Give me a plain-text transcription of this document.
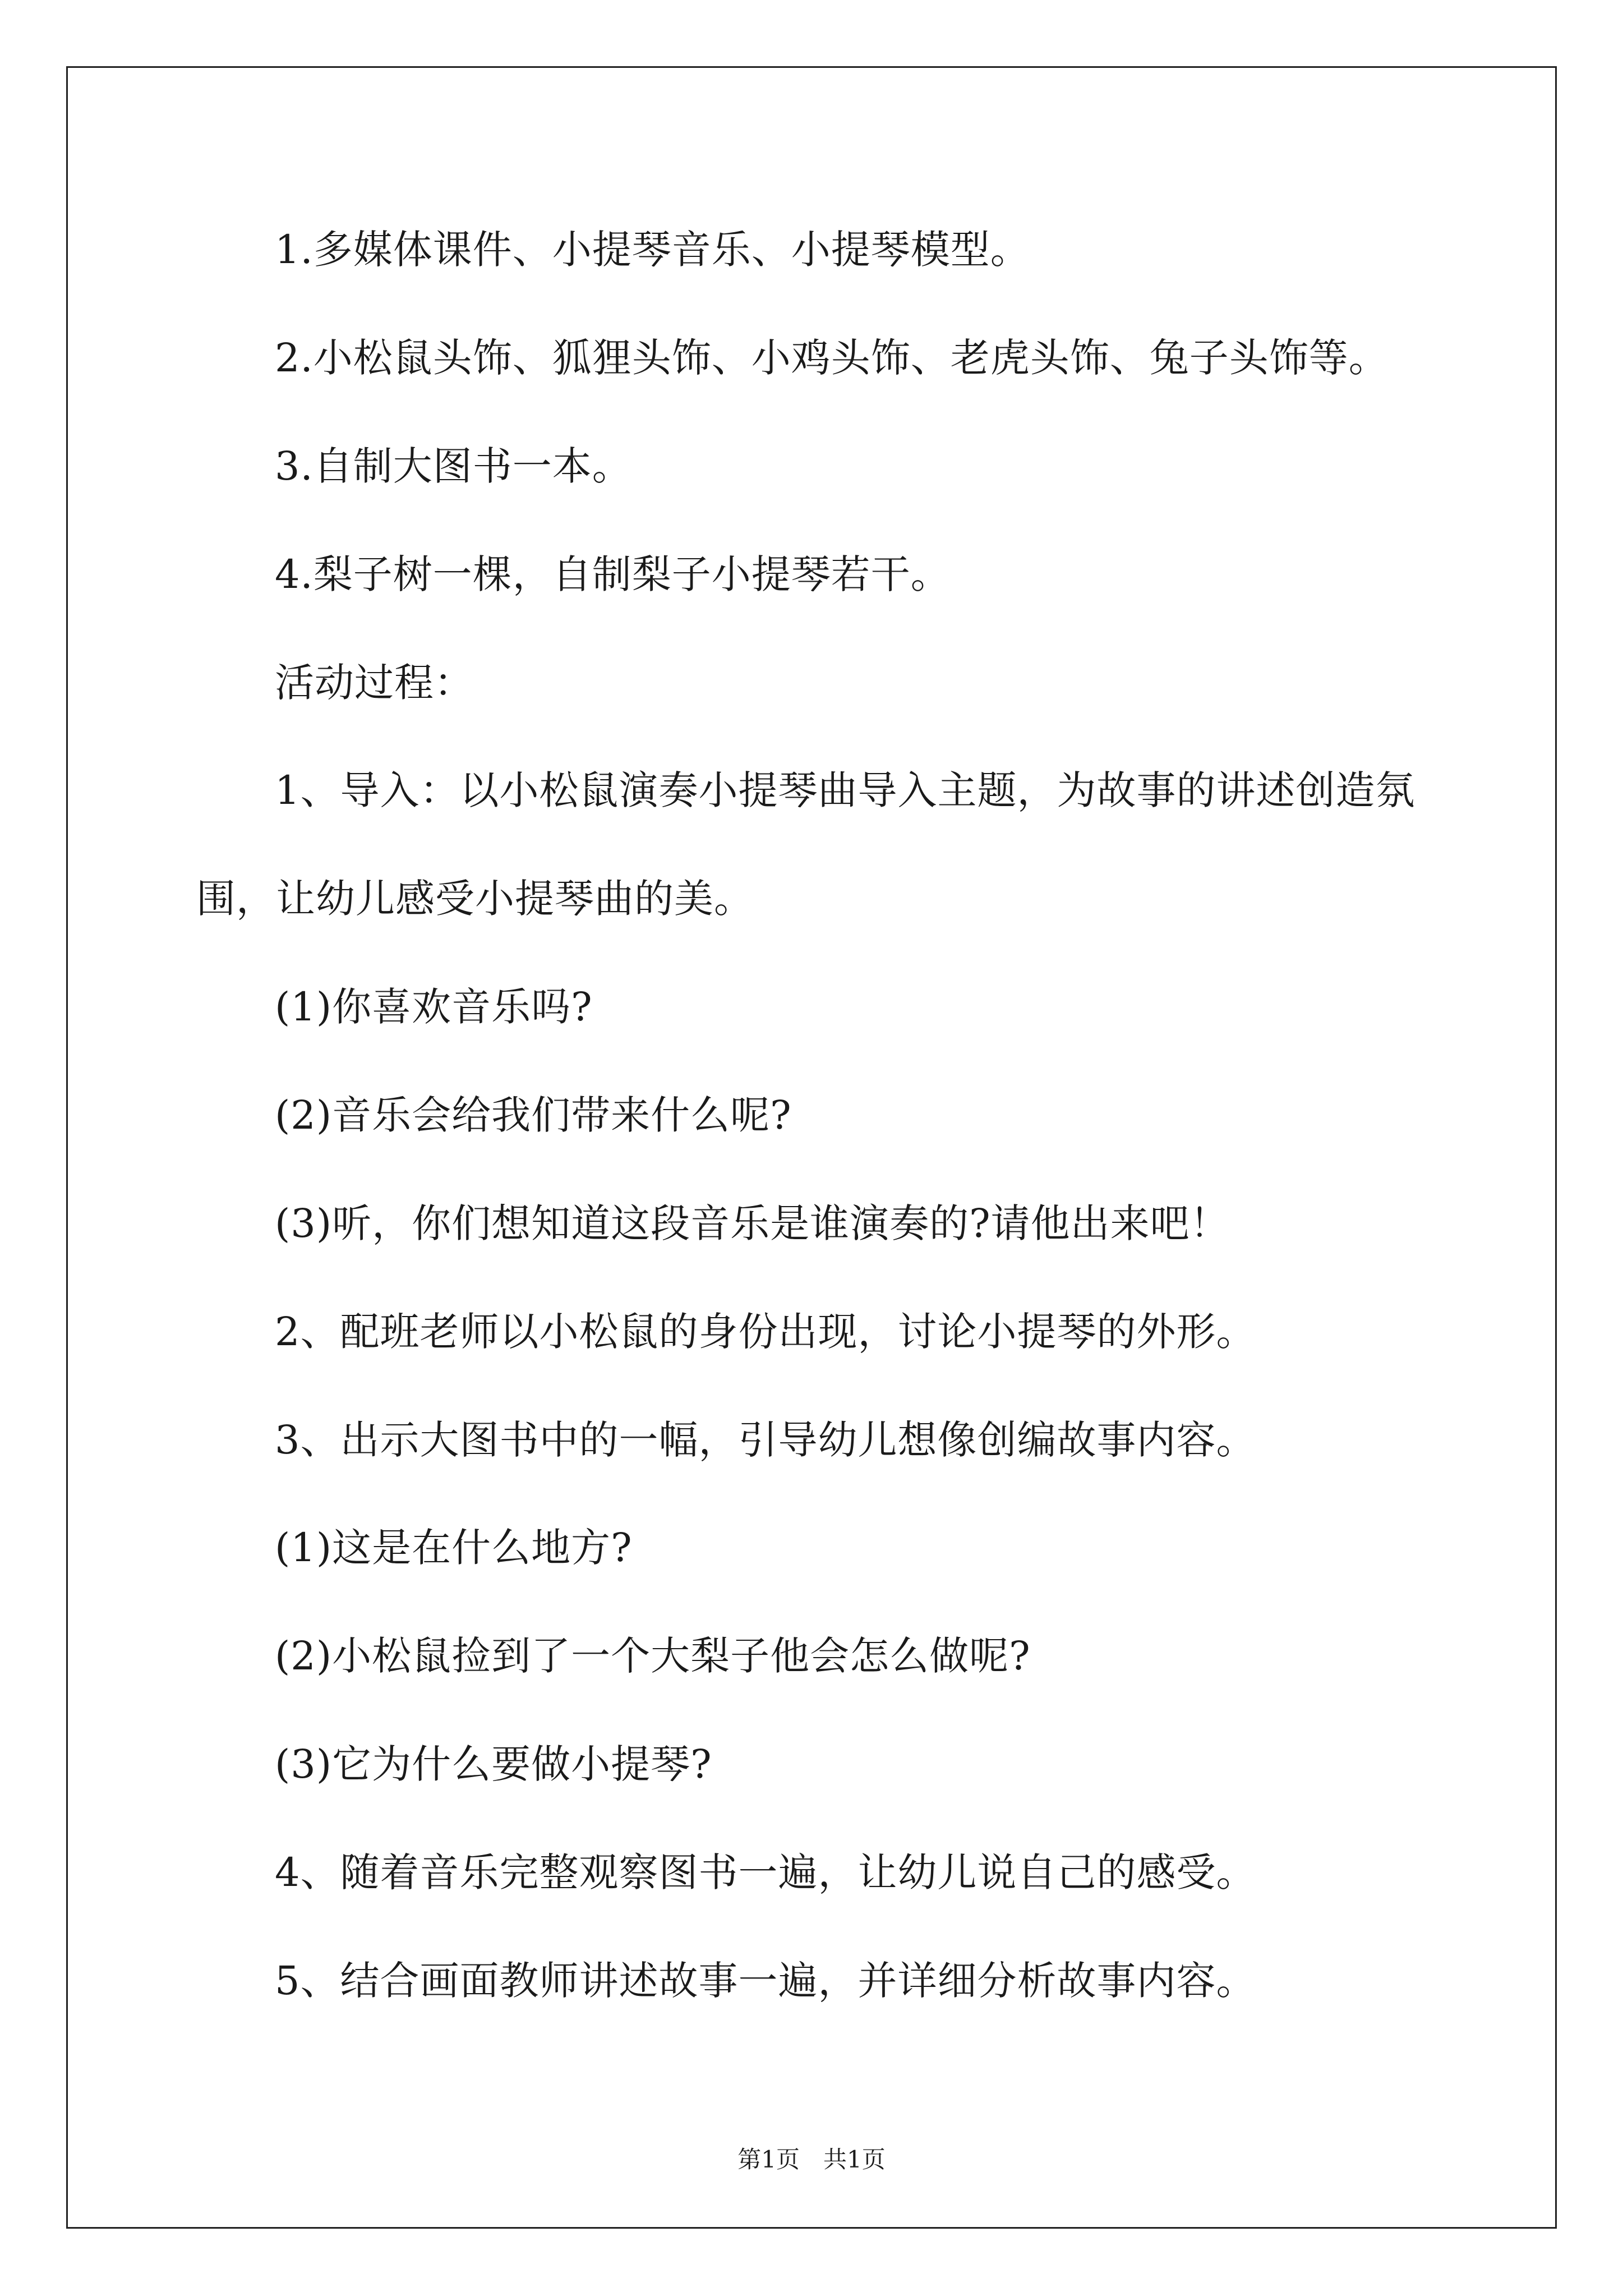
1.多媒体课件、小提琴音乐、小提琴模型。
2.小松鼠头饰、狐狸头饰、小鸡头饰、老虎头饰、兔子头饰等。
3.自制大图书一本。
4.梨子树一棵，自制梨子小提琴若干。
活动过程：
1、导入：以小松鼠演奏小提琴曲导入主题，为故事的讲述创造氛
围，让幼儿感受小提琴曲的美。
(1)你喜欢音乐吗?
(2)音乐会给我们带来什么呢?
(3)听，你们想知道这段音乐是谁演奏的?请他出来吧！
2、配班老师以小松鼠的身份出现，讨论小提琴的外形。
3、出示大图书中的一幅，引导幼儿想像创编故事内容。
(1)这是在什么地方?
(2)小松鼠捡到了一个大梨子他会怎么做呢?
(3)它为什么要做小提琴?
4、随着音乐完整观察图书一遍，让幼儿说自己的感受。
5、结合画面教师讲述故事一遍，并详细分析故事内容。
第1页　共1页
